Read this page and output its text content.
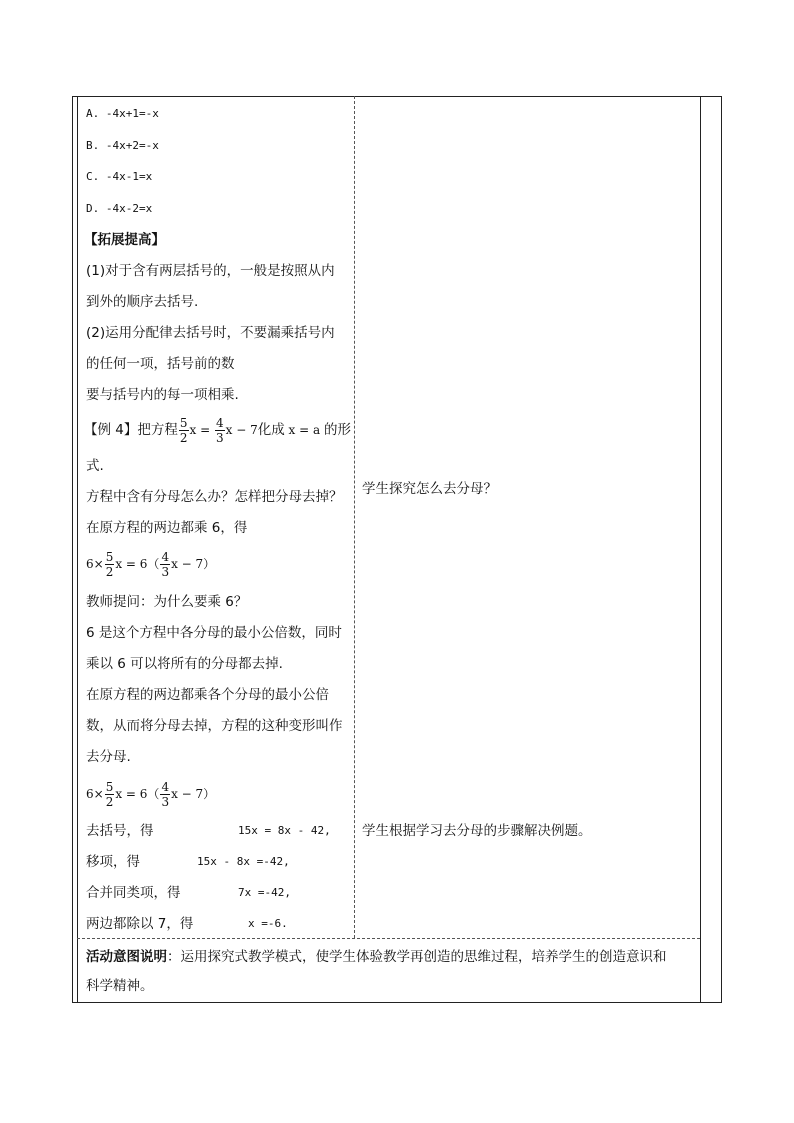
A. -4x+1=-x
B. -4x+2=-x
C. -4x-1=x
D. -4x-2=x
【拓展提高】
(1)对于含有两层括号的，一般是按照从内
到外的顺序去括号.
(2)运用分配律去括号时，不要漏乘括号内
的任何一项，括号前的数
要与括号内的每一项相乘.
【例 4】把方程 $\frac{5}{2}$ $x = \frac{4}{3}$ x − 7化成 x = a 的形
式.
方程中含有分母怎么办？怎样把分母去掉？
在原方程的两边都乘 6，得
$6\times \frac{5}{2}$ $x = 6( \frac{4}{3}$ x − 7）
教师提问：为什么要乘 6？
6 是这个方程中各分母的最小公倍数，同时
乘以 6 可以将所有的分母都去掉.
在原方程的两边都乘各个分母的最小公倍
数，从而将分母去掉，方程的这种变形叫作
去分母.
$6\times \frac{5}{2}$ $x = 6( \frac{4}{3}$ x − 7）
去括号，得	15x = 8x - 42,
移项，得	15x - 8x =-42,
合并同类项，得	7x =-42,
两边都除以 7，得	x =-6.
学生探究怎么去分母？
学生根据学习去分母的步骤解决例题。
活动意图说明：运用探究式教学模式，使学生体验教学再创造的思维过程，培养学生的创造意识和
科学精神。
